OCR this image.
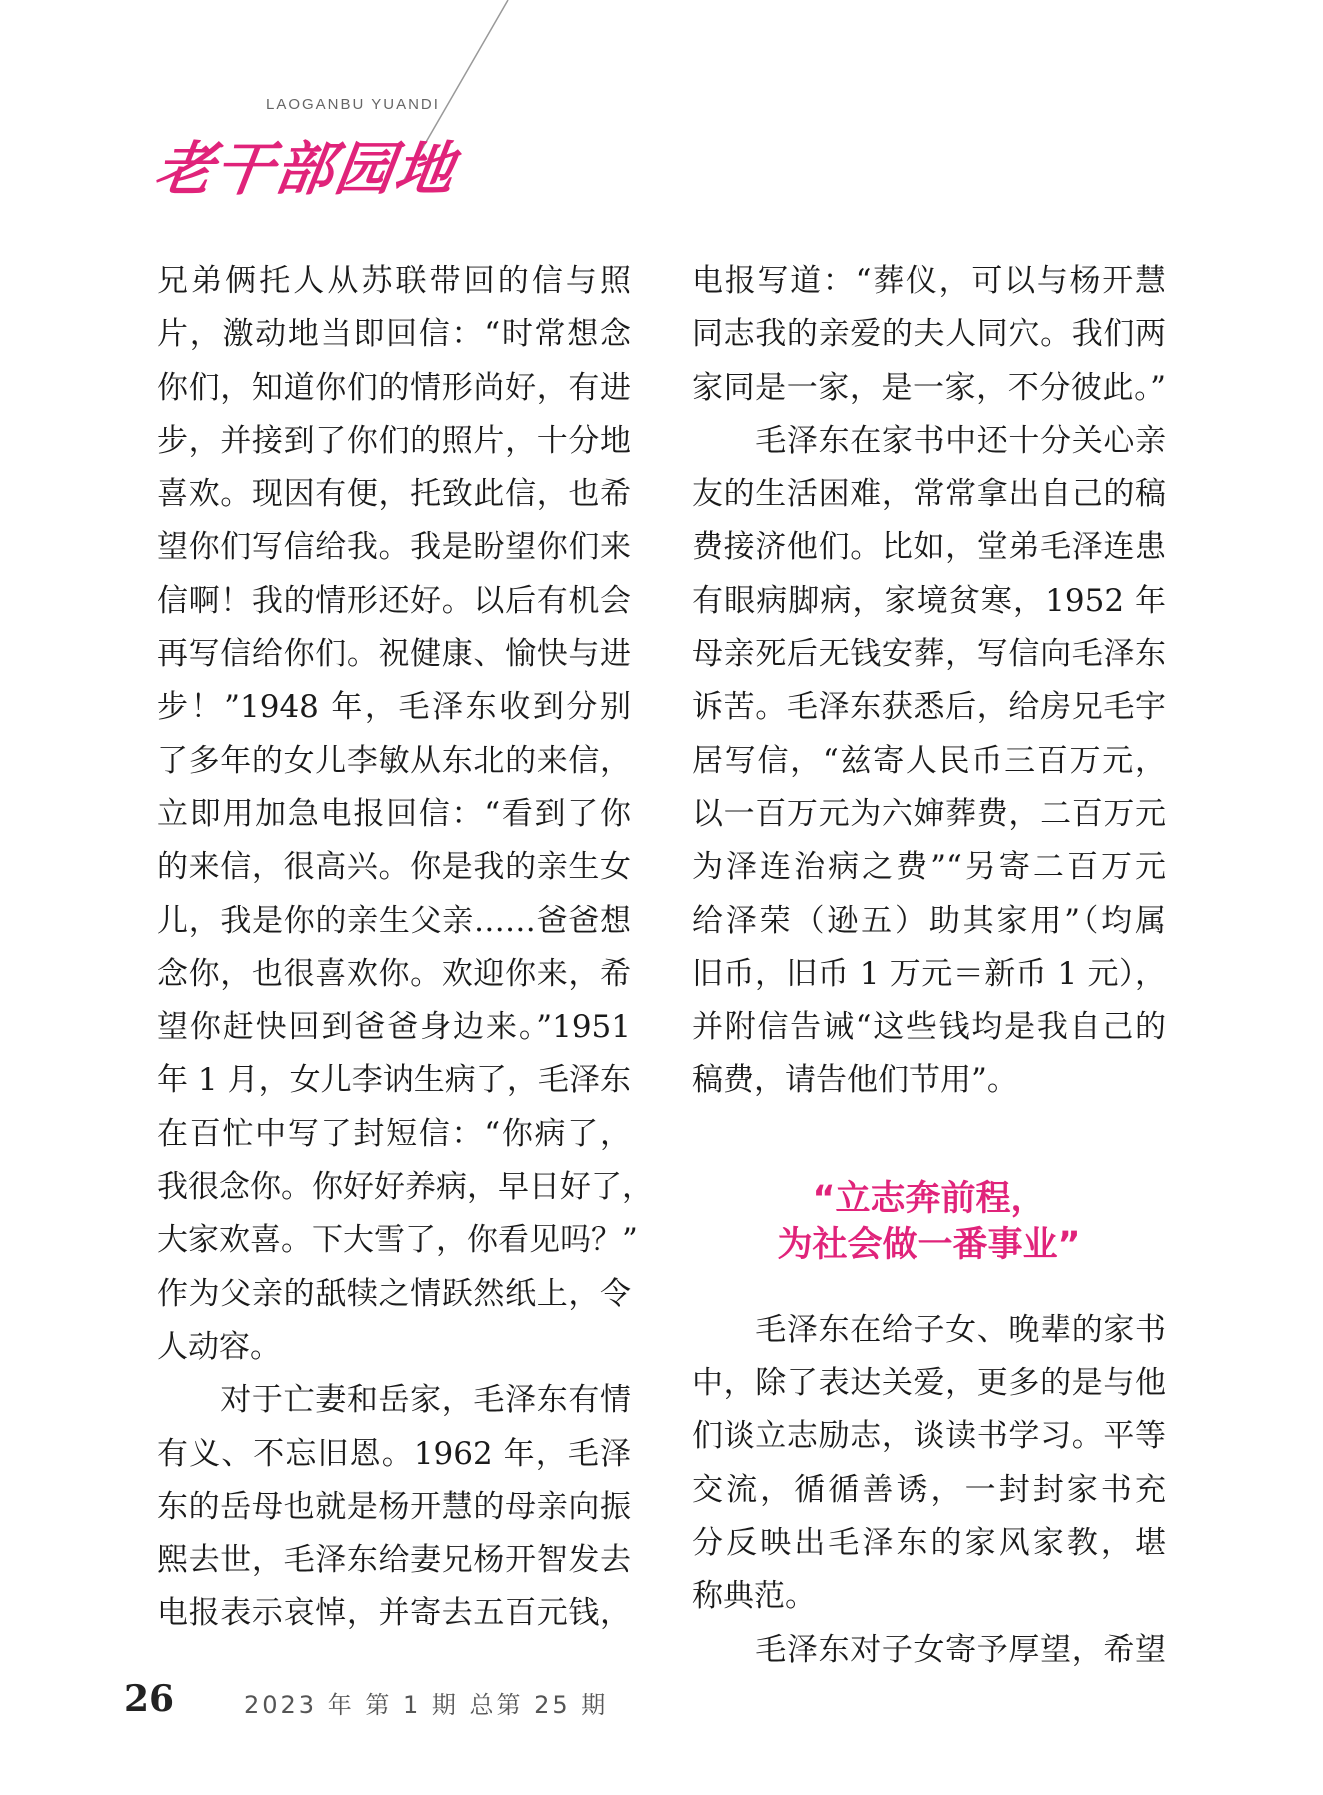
LAOGANBU YUANDI
老干部园地
兄弟俩托人从苏联带回的信与照
片，激动地当即回信：“时常想念
你们，知道你们的情形尚好，有进
步，并接到了你们的照片，十分地
喜欢。现因有便，托致此信，也希
望你们写信给我。我是盼望你们来
信啊！我的情形还好。以后有机会
再写信给你们。祝健康、愉快与进
步！”1948 年，毛泽东收到分别
了多年的女儿李敏从东北的来信，
立即用加急电报回信：“看到了你
的来信，很高兴。你是我的亲生女
儿，我是你的亲生父亲……爸爸想
念你，也很喜欢你。欢迎你来，希
望你赶快回到爸爸身边来。”1951
年 1 月，女儿李讷生病了，毛泽东
在百忙中写了封短信：“你病了，
我很念你。你好好养病，早日好了，
大家欢喜。下大雪了，你看见吗？”
作为父亲的舐犊之情跃然纸上，令
人动容。
　　对于亡妻和岳家，毛泽东有情
有义、不忘旧恩。1962 年，毛泽
东的岳母也就是杨开慧的母亲向振
熙去世，毛泽东给妻兄杨开智发去
电报表示哀悼，并寄去五百元钱，
电报写道：“葬仪，可以与杨开慧
同志我的亲爱的夫人同穴。我们两
家同是一家，是一家，不分彼此。”
　　毛泽东在家书中还十分关心亲
友的生活困难，常常拿出自己的稿
费接济他们。比如，堂弟毛泽连患
有眼病脚病，家境贫寒，1952 年
母亲死后无钱安葬，写信向毛泽东
诉苦。毛泽东获悉后，给房兄毛宇
居写信，“兹寄人民币三百万元，
以一百万元为六婶葬费，二百万元
为泽连治病之费”“另寄二百万元
给泽荣（逊五）助其家用”（均属
旧币，旧币 1 万元＝新币 1 元），
并附信告诫“这些钱均是我自己的
稿费，请告他们节用”。
“立志奔前程，
为社会做一番事业”
　　毛泽东在给子女、晚辈的家书
中，除了表达关爱，更多的是与他
们谈立志励志，谈读书学习。平等
交流，循循善诱，一封封家书充
分反映出毛泽东的家风家教，堪
称典范。
　　毛泽东对子女寄予厚望，希望
26	2023 年 第 1 期 总第 25 期
